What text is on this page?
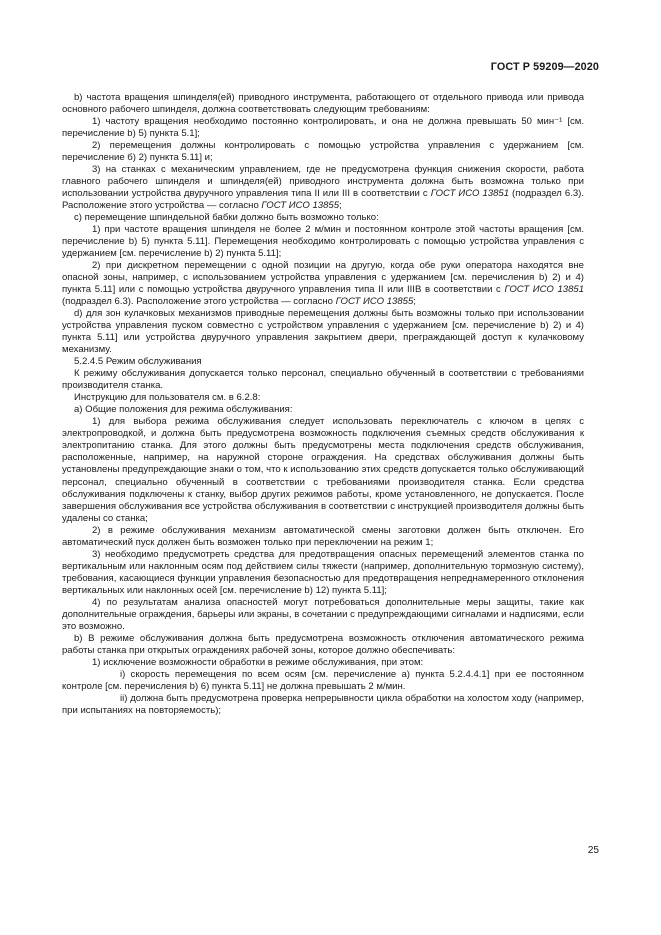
ГОСТ Р 59209—2020

b) частота вращения шпинделя(ей) приводного инструмента, работающего от отдельного привода или привода основного рабочего шпинделя, должна соответствовать следующим требованиям:

1) частоту вращения необходимо постоянно контролировать, и она не должна превышать 50 мин⁻¹ [см. перечисление b) 5) пункта 5.1];

2) перемещения должны контролировать с помощью устройства управления с удержанием [см. перечисление б) 2) пункта 5.11] и;

3) на станках с механическим управлением, где не предусмотрена функция снижения скорости, работа главного рабочего шпинделя и шпинделя(ей) приводного инструмента должна быть возможна только при использовании устройства двуручного управления типа II или III в соответствии с ГОСТ ИСО 13851 (подраздел 6.3). Расположение этого устройства — согласно ГОСТ ИСО 13855;

c) перемещение шпиндельной бабки должно быть возможно только:

1) при частоте вращения шпинделя не более 2 м/мин и постоянном контроле этой частоты вращения [см. перечисление b) 5) пункта 5.11]. Перемещения необходимо контролировать с помощью устройства управления с удержанием [см. перечисление b) 2) пункта 5.11];

2) при дискретном перемещении с одной позиции на другую, когда обе руки оператора находятся вне опасной зоны, например, с использованием устройства управления с удержанием [см. перечисления b) 2) и 4) пункта 5.11] или с помощью устройства двуручного управления типа II или IIIB в соответствии с ГОСТ ИСО 13851 (подраздел 6.3). Расположение этого устройства — согласно ГОСТ ИСО 13855;

d) для зон кулачковых механизмов приводные перемещения должны быть возможны только при использовании устройства управления пуском совместно с устройством управления с удержанием [см. перечисление b) 2) и 4) пункта 5.11] или устройства двуручного управления закрытием двери, преграждающей доступ к кулачковому механизму.

5.2.4.5 Режим обслуживания

К режиму обслуживания допускается только персонал, специально обученный в соответствии с требованиями производителя станка.

Инструкцию для пользователя см. в 6.2.8:

a) Общие положения для режима обслуживания:

1) для выбора режима обслуживания следует использовать переключатель с ключом в цепях с электропроводкой, и должна быть предусмотрена возможность подключения съемных средств обслуживания к электропитанию станка. Для этого должны быть предусмотрены места подключения средств обслуживания, расположенные, например, на наружной стороне ограждения. На средствах обслуживания должны быть установлены предупреждающие знаки о том, что к использованию этих средств допускается только обслуживающий персонал, специально обученный в соответствии с требованиями производителя станка. Если средства обслуживания подключены к станку, выбор других режимов работы, кроме установленного, не допускается. После завершения обслуживания все устройства обслуживания в соответствии с инструкцией производителя должны быть удалены со станка;

2) в режиме обслуживания механизм автоматической смены заготовки должен быть отключен. Его автоматический пуск должен быть возможен только при переключении на режим 1;

3) необходимо предусмотреть средства для предотвращения опасных перемещений элементов станка по вертикальным или наклонным осям под действием силы тяжести (например, дополнительную тормозную систему), требования, касающиеся функции управления безопасностью для предотвращения непреднамеренного отклонения вертикальных или наклонных осей [см. перечисление b) 12) пункта 5.11];

4) по результатам анализа опасностей могут потребоваться дополнительные меры защиты, такие как дополнительные ограждения, барьеры или экраны, в сочетании с предупреждающими сигналами и надписями, если это возможно.

b) В режиме обслуживания должна быть предусмотрена возможность отключения автоматического режима работы станка при открытых ограждениях рабочей зоны, которое должно обеспечивать:

1) исключение возможности обработки в режиме обслуживания, при этом:

i) скорость перемещения по всем осям [см. перечисление а) пункта 5.2.4.4.1] при ее постоянном контроле [см. перечисления b) 6) пункта 5.11] не должна превышать 2 м/мин.

ii) должна быть предусмотрена проверка непрерывности цикла обработки на холостом ходу (например, при испытаниях на повторяемость);

25
